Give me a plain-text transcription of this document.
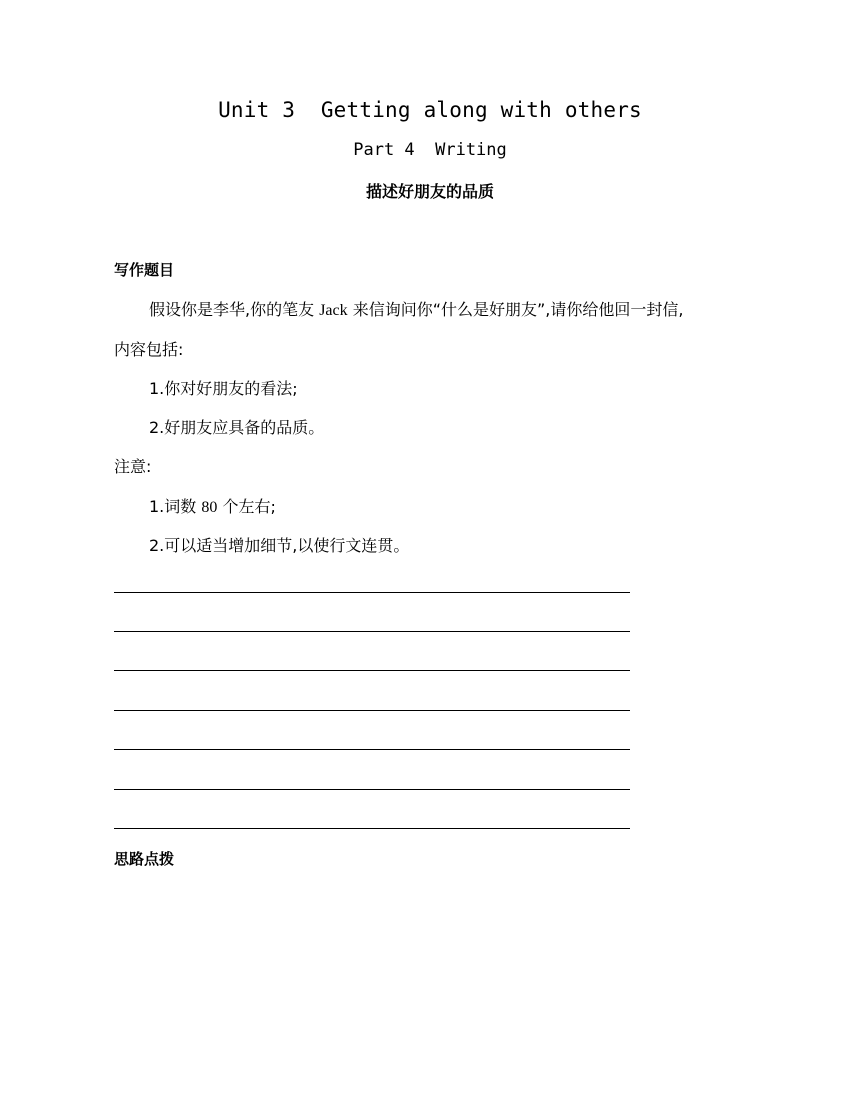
Unit 3  Getting along with others
Part 4  Writing
描述好朋友的品质
写作题目
假设你是李华,你的笔友 Jack 来信询问你“什么是好朋友”,请你给他回一封信,
内容包括:
1.你对好朋友的看法;
2.好朋友应具备的品质。
注意:
1.词数 80 个左右;
2.可以适当增加细节,以使行文连贯。
思路点拨
